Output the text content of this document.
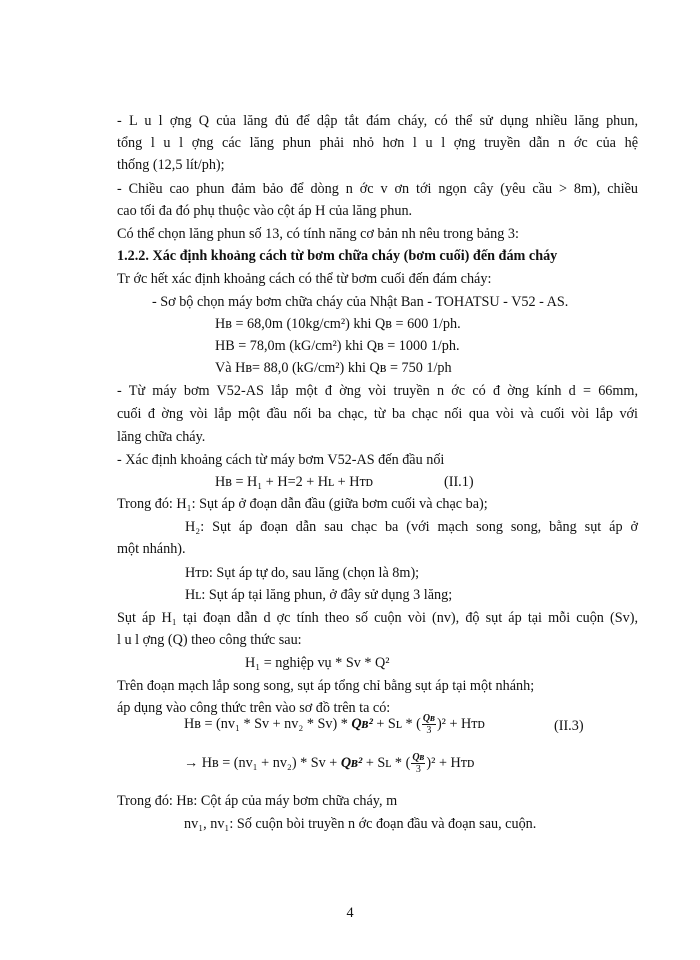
- L u l ợng Q của lăng đủ để dập tắt đám cháy, có thể sử dụng nhiều lăng phun,
tổng l u l ợng các lăng phun phải nhỏ hơn l u l ợng truyền dẫn n ớc của hệ
thống (12,5 lít/ph);
- Chiều cao phun đảm bảo để dòng n ớc v ơn tới ngọn cây (yêu cầu > 8m), chiều
cao tối đa đó phụ thuộc vào cột áp H của lăng phun.
Có thể chọn lăng phun số 13, có tính năng cơ bản nh nêu trong bảng 3:
1.2.2. Xác định khoảng cách từ bơm chữa cháy (bơm cuối) đến đám cháy
Tr ớc hết xác định khoảng cách có thể từ bơm cuối đến đám cháy:
- Sơ bộ chọn máy bơm chữa cháy của Nhật Ban - TOHATSU - V52 - AS.
Hʙ = 68,0m (10kg/cm²) khi Qʙ = 600 1/ph.
HB = 78,0m (kG/cm²) khi Qʙ = 1000 1/ph.
Và Hʙ= 88,0 (kG/cm²) khi Qʙ = 750 1/ph
- Từ máy bơm V52-AS lắp một đ ờng vòi truyền n ớc có đ ờng kính d = 66mm,
cuối đ ờng vòi lắp một đầu nối ba chạc, từ ba chạc nối qua vòi và cuối vòi lắp với
lăng chữa cháy.
- Xác định khoảng cách từ máy bơm V52-AS đến đầu nối
Hʙ = H₁ + H=2 + Hʟ + Hᴛᴅ	(II.1)
Trong đó: H₁: Sụt áp ở đoạn dẫn đầu (giữa bơm cuối và chạc ba);
H₂: Sụt áp đoạn dẫn sau chạc ba (với mạch song song, bằng sụt áp ở
một nhánh).
Hᴛᴅ: Sụt áp tự do, sau lăng (chọn là 8m);
Hʟ: Sụt áp tại lăng phun, ở đây sử dụng 3 lăng;
Sụt áp H₁ tại đoạn dẫn d ợc tính theo số cuộn vòi (nᴠ), độ sụt áp tại mỗi cuộn (Sᴠ),
l u l ợng (Q) theo công thức sau:
H₁ = nghiệp vụ * Sᴠ * Q²
Trên đoạn mạch lắp song song, sụt áp tổng chỉ bằng sụt áp tại một nhánh;
áp dụng vào công thức trên vào sơ đồ trên ta có:
Hʙ = (nᴠ₁ * Sᴠ + nᴠ₂ * Sᴠ) * Qʙ² + Sʟ * ( $\frac{\text{Qʙ}}{3} )^2$ + Hᴛᴅ	(II.3)
→ Hʙ = (nᴠ₁ + nᴠ₂) * Sᴠ + Qʙ² + Sʟ * ( $\frac{\text{Qʙ}}{3} )^2$ + Hᴛᴅ
Trong đó: Hʙ: Cột áp của máy bơm chữa cháy, m
nᴠ₁, nᴠ₁: Số cuộn bòi truyền n ớc đoạn đầu và đoạn sau, cuộn.
4
